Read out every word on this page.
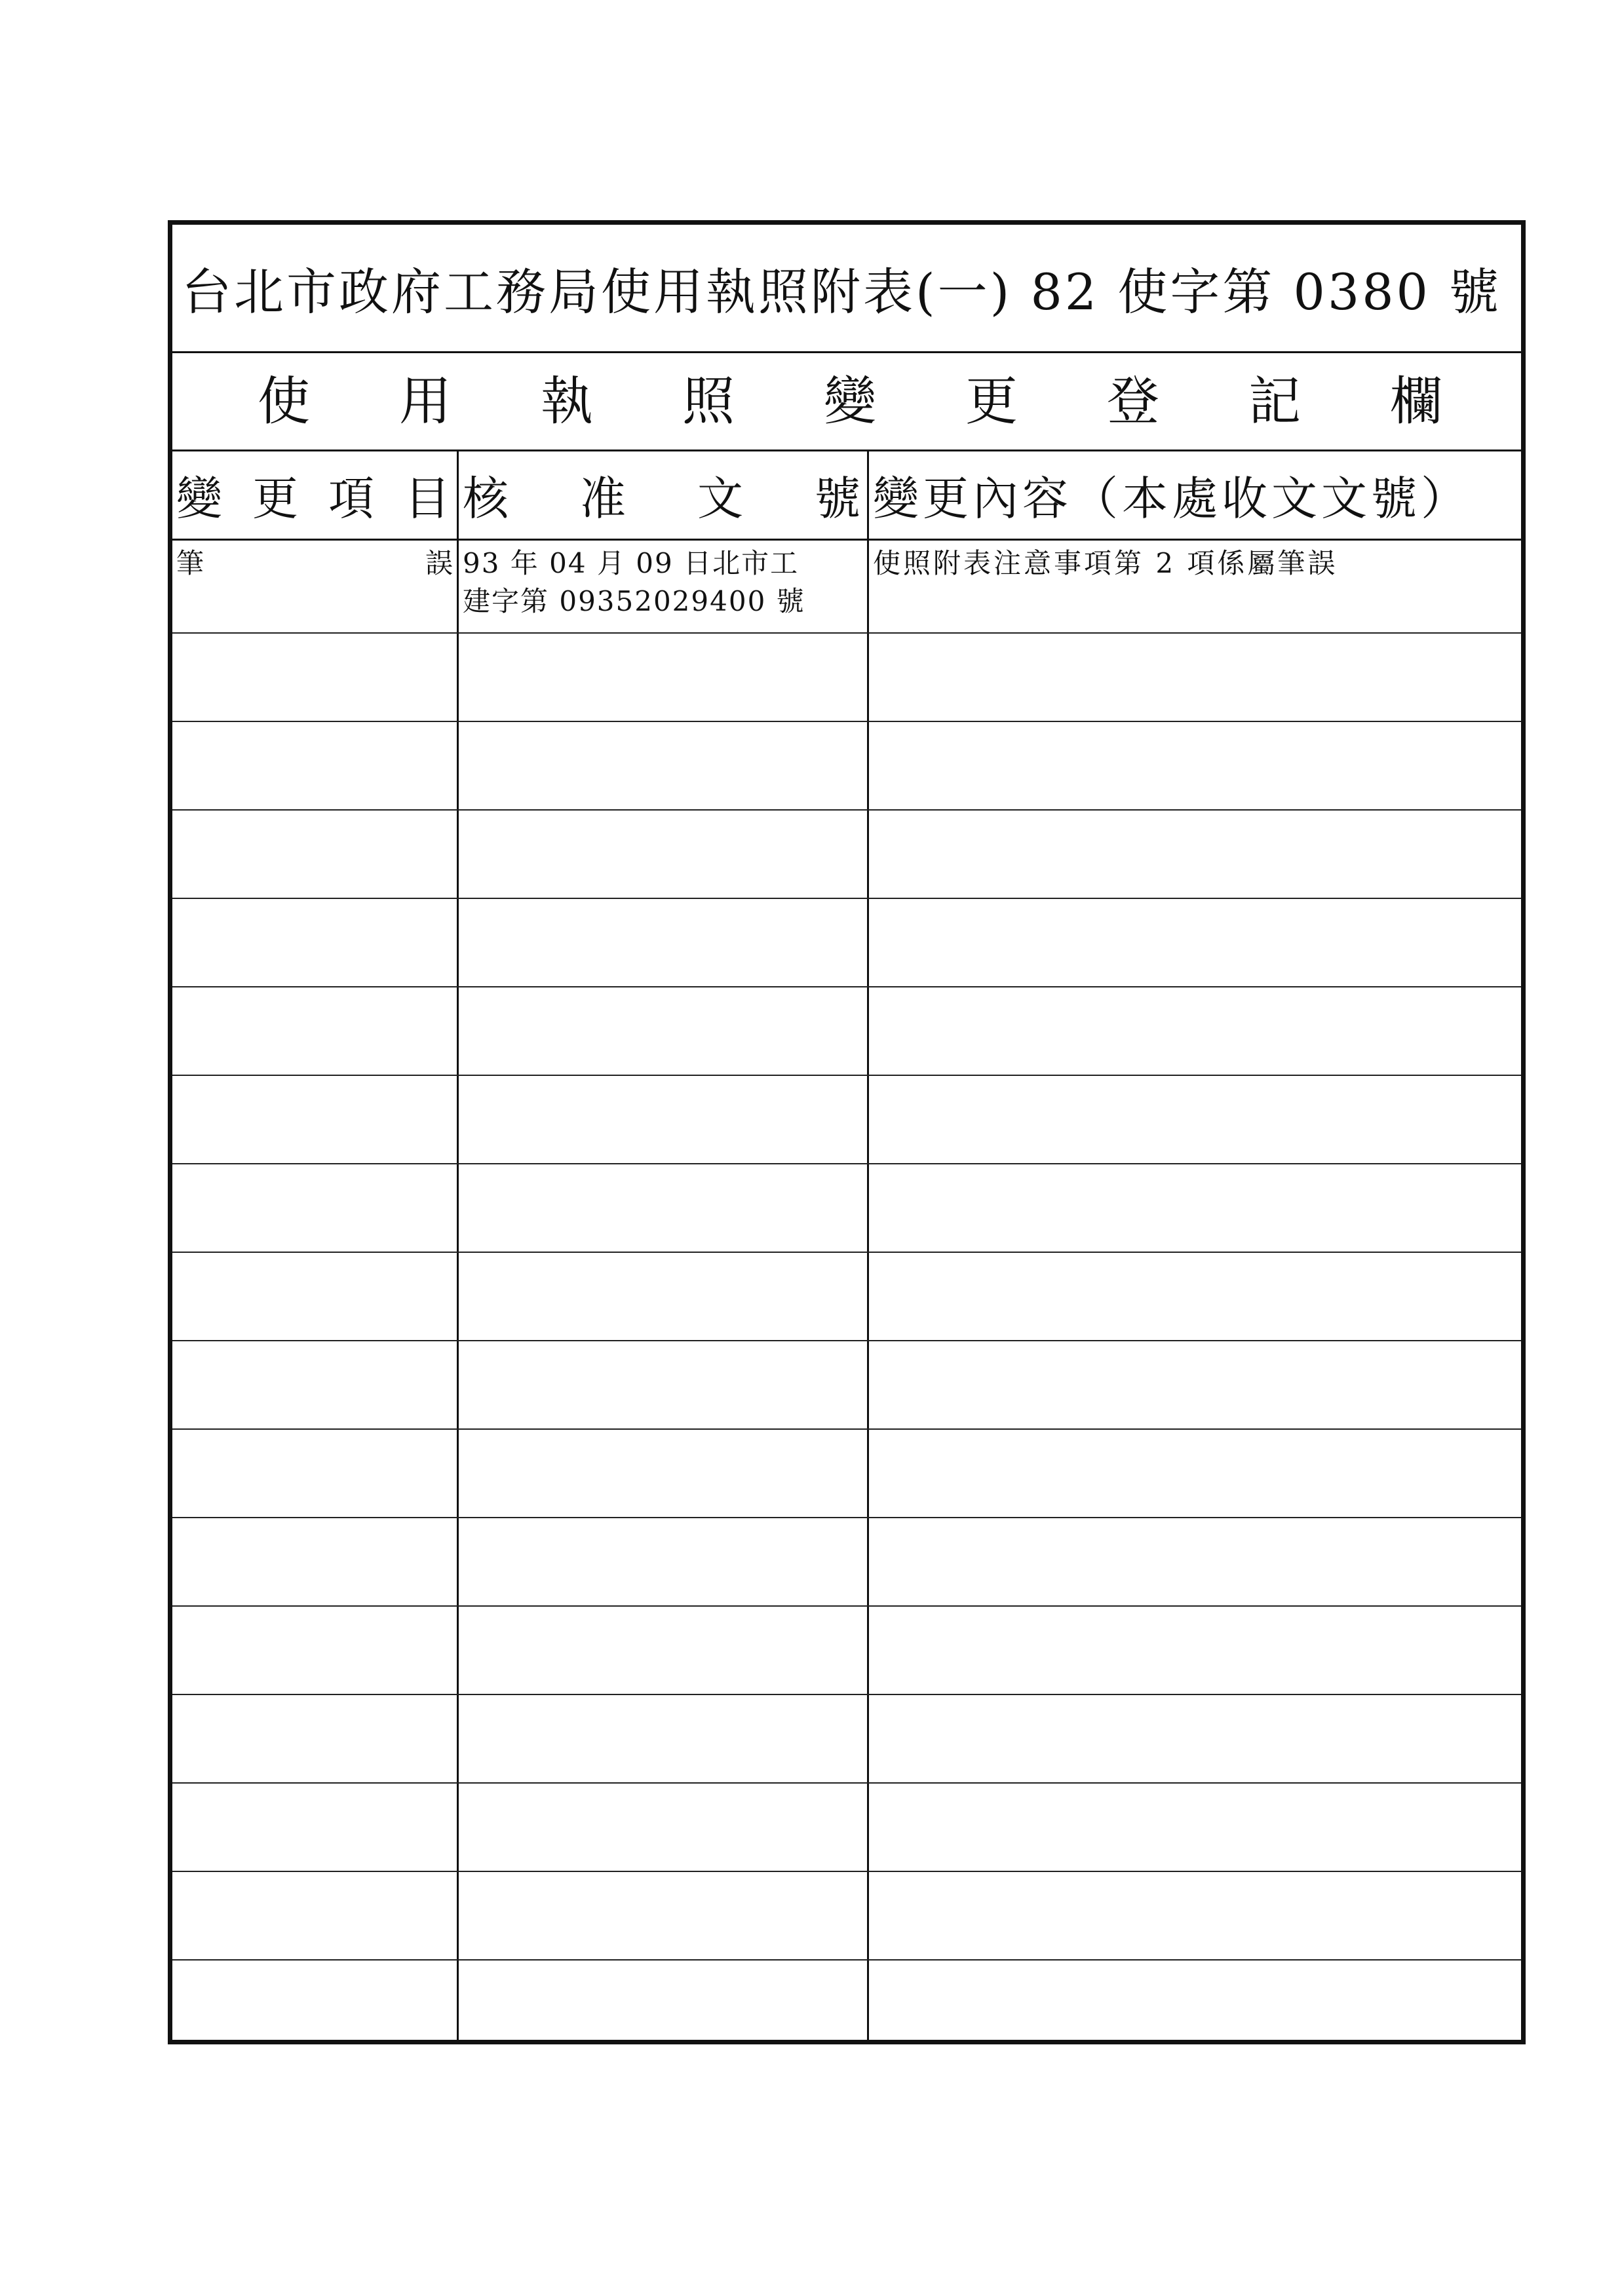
台北市政府工務局使用執照附表(一) 82 使字第 0380 號
使 用 執 照 變 更 登 記 欄
變 更 項 目
筆	誤
核 准 文 號
93 年 04 月 09 日北市工
建字第 09352029400 號
變更內容（本處收文文號）
使照附表注意事項第 2 項係屬筆誤
